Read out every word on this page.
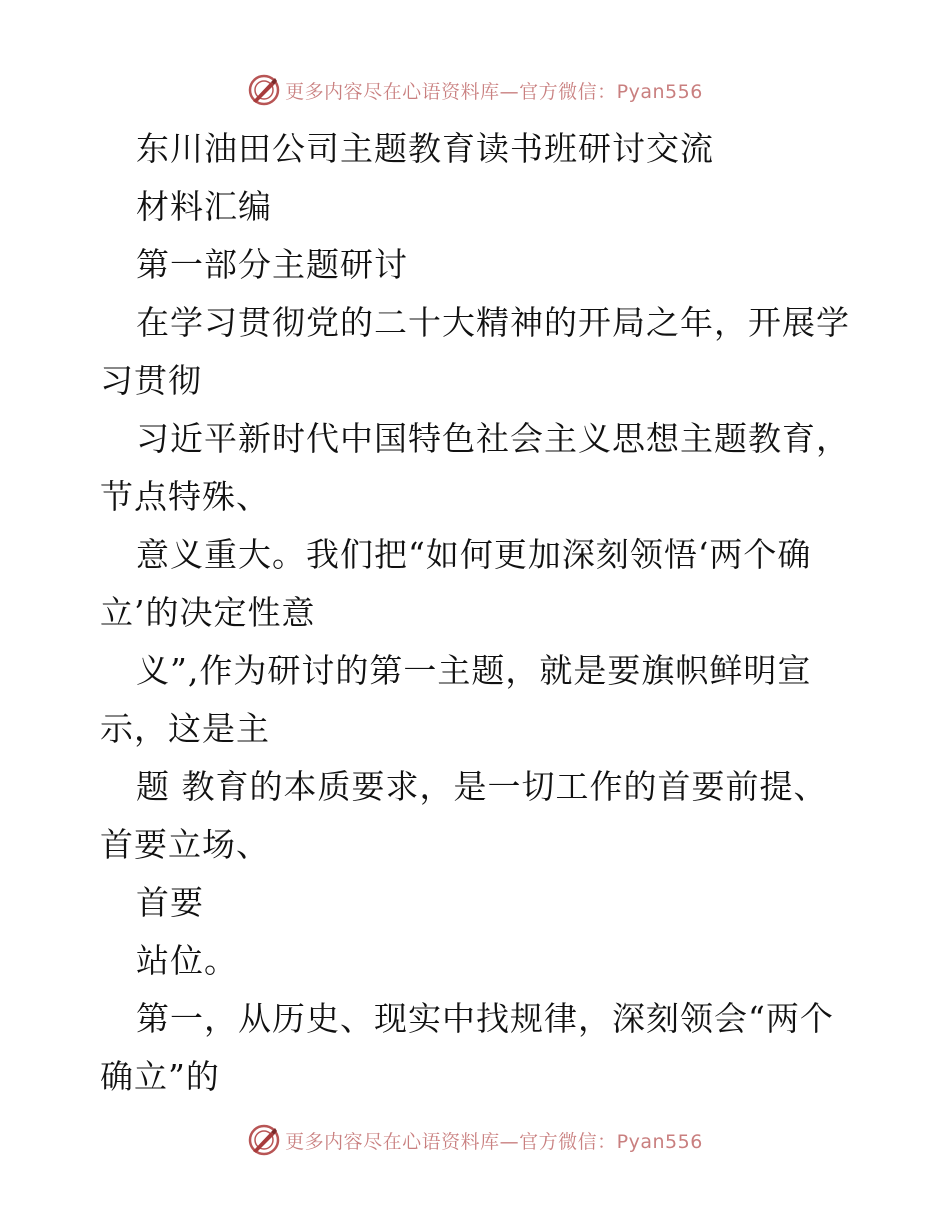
更多内容尽在心语资料库—官方微信：Pyan556
东川油田公司主题教育读书班研讨交流
材料汇编
第一部分主题研讨
在学习贯彻党的二十大精神的开局之年，开展学
习贯彻
习近平新时代中国特色社会主义思想主题教育，
节点特殊、
意义重大。我们把“如何更加深刻领悟‘两个确
立’的决定性意
义”,作为研讨的第一主题，就是要旗帜鲜明宣
示，这是主
题 教育的本质要求，是一切工作的首要前提、
首要立场、
首要
站位。
第一，从历史、现实中找规律，深刻领会“两个
确立”的
更多内容尽在心语资料库—官方微信：Pyan556
